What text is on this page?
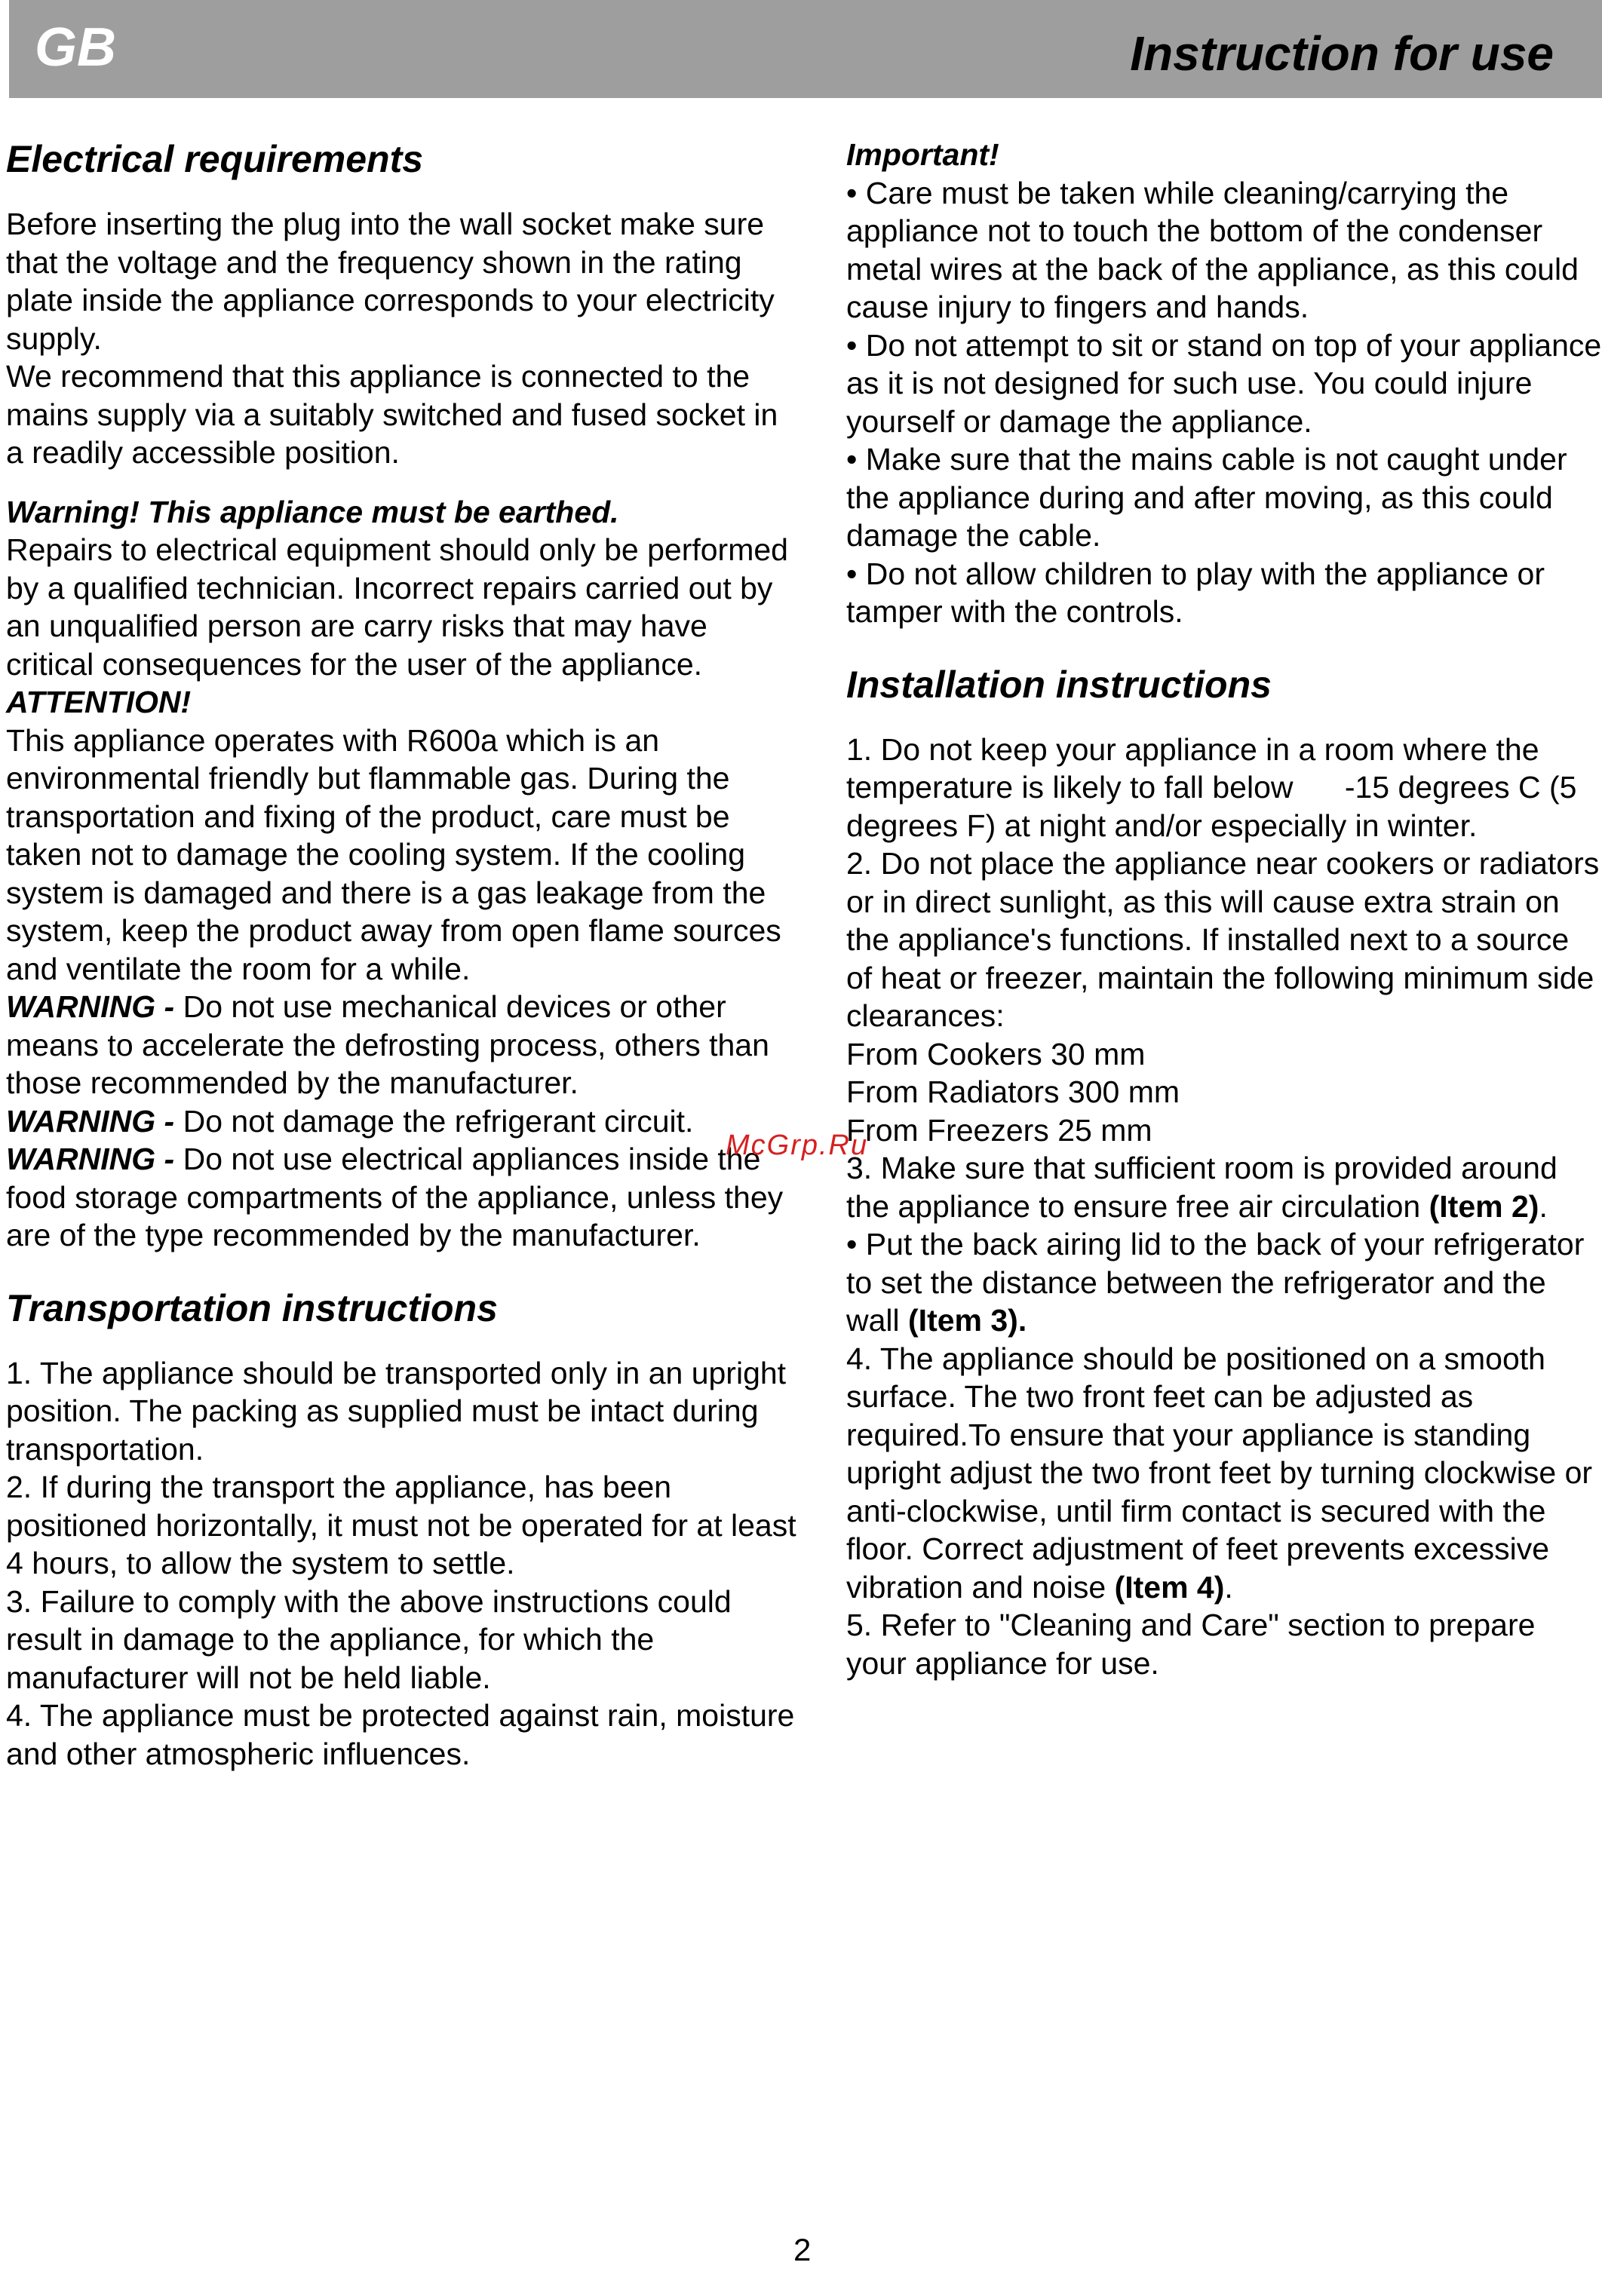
GB	Instruction for use
Electrical requirements

Before inserting the plug into the wall socket make sure that the voltage and the frequency shown in the rating plate inside the appliance corresponds to your electricity supply.

We recommend that this appliance is connected to the mains supply via a suitably switched and fused socket in a readily accessible position.

Warning! This appliance must be earthed.

Repairs to electrical equipment should only be performed by a qualified technician. Incorrect repairs carried out by an unqualified person are carry risks that may have critical consequences for the user of the appliance.

ATTENTION!

This appliance operates with R600a which is an environmental friendly but flammable gas. During the transportation and fixing of the product, care must be taken not to damage the cooling system. If the cooling system is damaged and there is a gas leakage from the system, keep the product away from open flame sources and ventilate the room for a while.

WARNING - Do not use mechanical devices or other means to accelerate the defrosting process, others than those recommended by the manufacturer.

WARNING - Do not damage the refrigerant circuit.

WARNING - Do not use electrical appliances inside the food storage compartments of the appliance, unless they are of the type recommended by the manufacturer.

Transportation instructions

1. The appliance should be transported only in an upright position. The packing as supplied must be intact during transportation.

2. If during the transport the appliance, has been positioned horizontally, it must not be operated for at least 4 hours, to allow the system to settle.

3. Failure to comply with the above instructions could result in damage to the appliance, for which the manufacturer will not be held liable.

4. The appliance must be protected against rain, moisture and other atmospheric influences.

Important!

• Care must be taken while cleaning/carrying the appliance not to touch the bottom of the condenser metal wires at the back of the appliance, as this could cause injury to fingers and hands.

• Do not attempt to sit or stand on top of your appliance as it is not designed for such use. You could injure yourself or damage the appliance.

• Make sure that the mains cable is not caught under the appliance during and after moving, as this could damage the cable.

• Do not allow children to play with the appliance or tamper with the controls.

Installation instructions

1. Do not keep your appliance in a room where the temperature is likely to fall below      -15 degrees C (5 degrees F) at night and/or especially in winter.

2. Do not place the appliance near cookers or radiators or in direct sunlight, as this will cause extra strain on the appliance's functions. If installed next to a source of heat or freezer, maintain the following minimum side clearances:

From Cookers 30 mm

From Radiators 300 mm

From Freezers 25 mm

3. Make sure that sufficient room is provided around the appliance to ensure free air circulation (Item 2).

• Put the back airing lid to the back of your refrigerator to set the distance between the refrigerator and the wall (Item 3).

4. The appliance should be positioned on a smooth surface. The two front feet can be adjusted as required.To ensure that your appliance is standing upright adjust the two front feet by turning clockwise or anti-clockwise, until firm contact is secured with the floor. Correct adjustment of feet prevents excessive vibration and noise (Item 4).

5. Refer to "Cleaning and Care" section to prepare your appliance for use.

McGrp.Ru
2
